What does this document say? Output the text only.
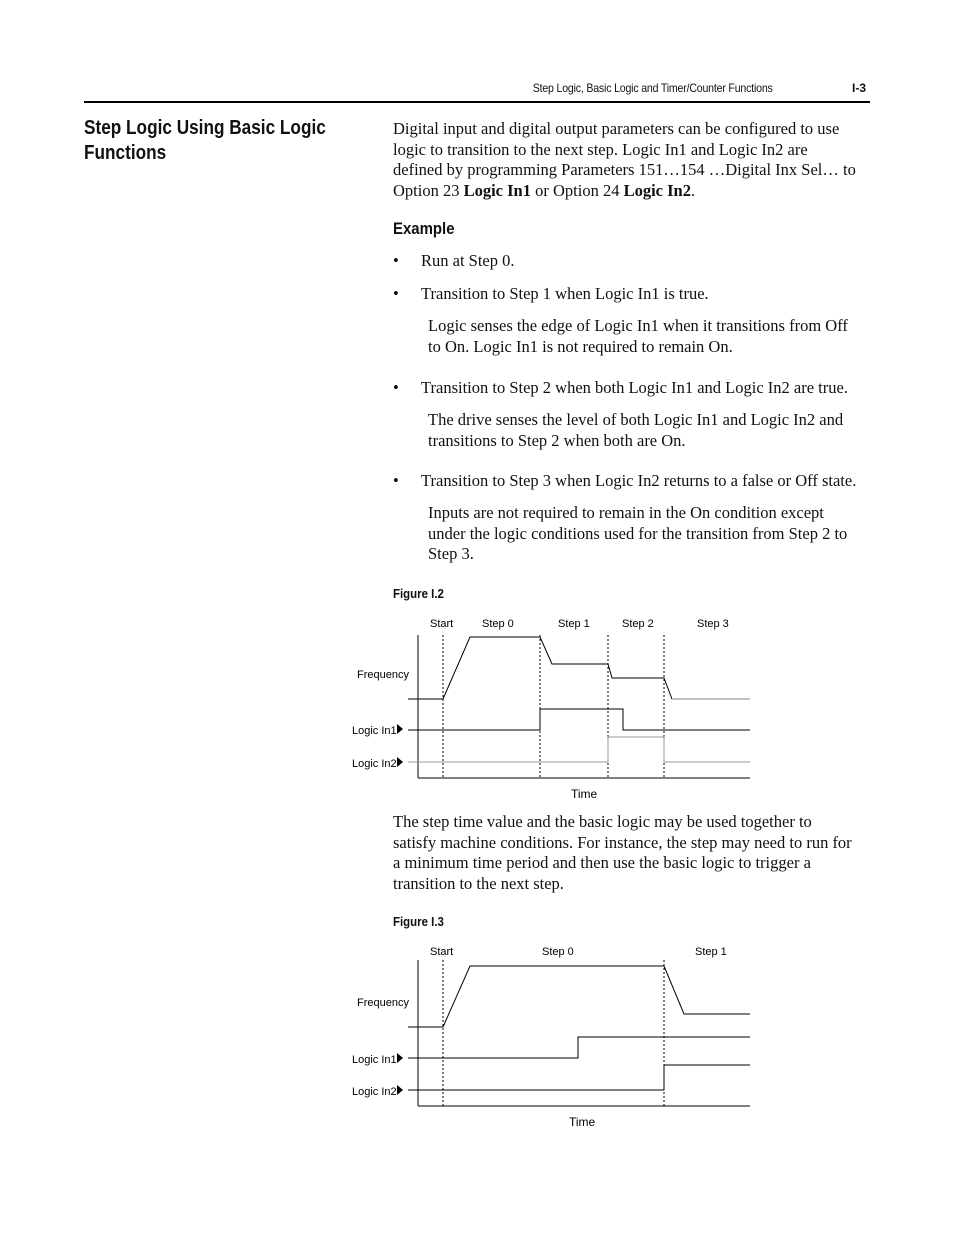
Step Logic, Basic Logic and Timer/Counter Functions	I-3
Step Logic Using Basic Logic Functions
Digital input and digital output parameters can be configured to use
logic to transition to the next step. Logic In1 and Logic In2 are
defined by programming Parameters 151…154 …Digital Inx Sel… to
Option 23 Logic In1 or Option 24 Logic In2.
Example
• Run at Step 0.
• Transition to Step 1 when Logic In1 is true.
Logic senses the edge of Logic In1 when it transitions from Off
to On. Logic In1 is not required to remain On.
• Transition to Step 2 when both Logic In1 and Logic In2 are true.
The drive senses the level of both Logic In1 and Logic In2 and
transitions to Step 2 when both are On.
• Transition to Step 3 when Logic In2 returns to a false or Off state.
Inputs are not required to remain in the On condition except
under the logic conditions used for the transition from Step 2 to
Step 3.
Figure I.2
Start	Step 0	Step 1	Step 2	Step 3
Frequency
Logic In1
Logic In2
Time
The step time value and the basic logic may be used together to
satisfy machine conditions. For instance, the step may need to run for
a minimum time period and then use the basic logic to trigger a
transition to the next step.
Figure I.3
Start	Step 0	Step 1
Frequency
Logic In1
Logic In2
Time
